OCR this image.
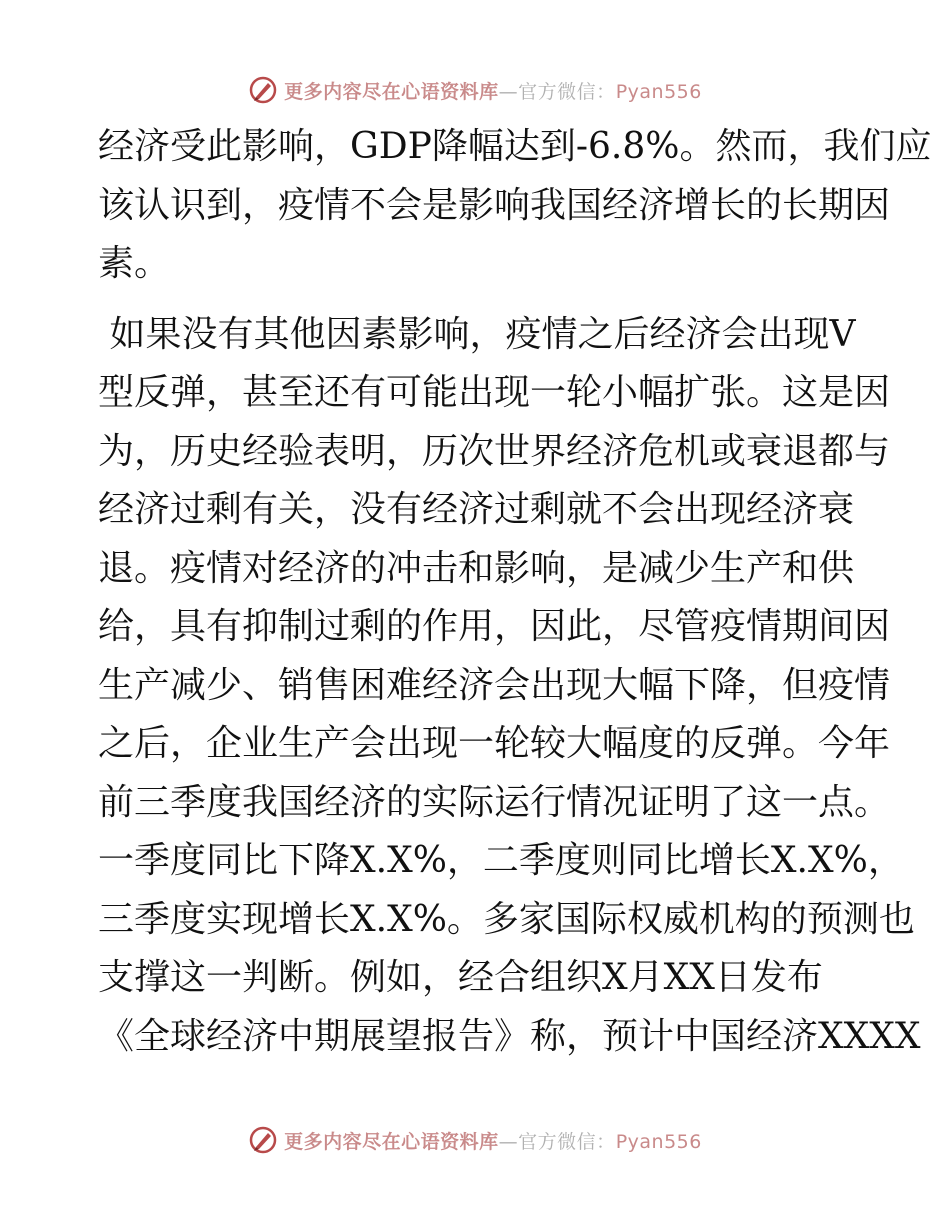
更多内容尽在心语资料库—官方微信：Pyan556
经济受此影响，GDP降幅达到-6.8%。然而，我们应
该认识到，疫情不会是影响我国经济增长的长期因
素。
如果没有其他因素影响，疫情之后经济会出现V
型反弹，甚至还有可能出现一轮小幅扩张。这是因
为，历史经验表明，历次世界经济危机或衰退都与
经济过剩有关，没有经济过剩就不会出现经济衰
退。疫情对经济的冲击和影响，是减少生产和供
给，具有抑制过剩的作用，因此，尽管疫情期间因
生产减少、销售困难经济会出现大幅下降，但疫情
之后，企业生产会出现一轮较大幅度的反弹。今年
前三季度我国经济的实际运行情况证明了这一点。
一季度同比下降X.X%，二季度则同比增长X.X%，
三季度实现增长X.X%。多家国际权威机构的预测也
支撑这一判断。例如，经合组织X月XX日发布
《全球经济中期展望报告》称，预计中国经济XXXX
更多内容尽在心语资料库—官方微信：Pyan556
